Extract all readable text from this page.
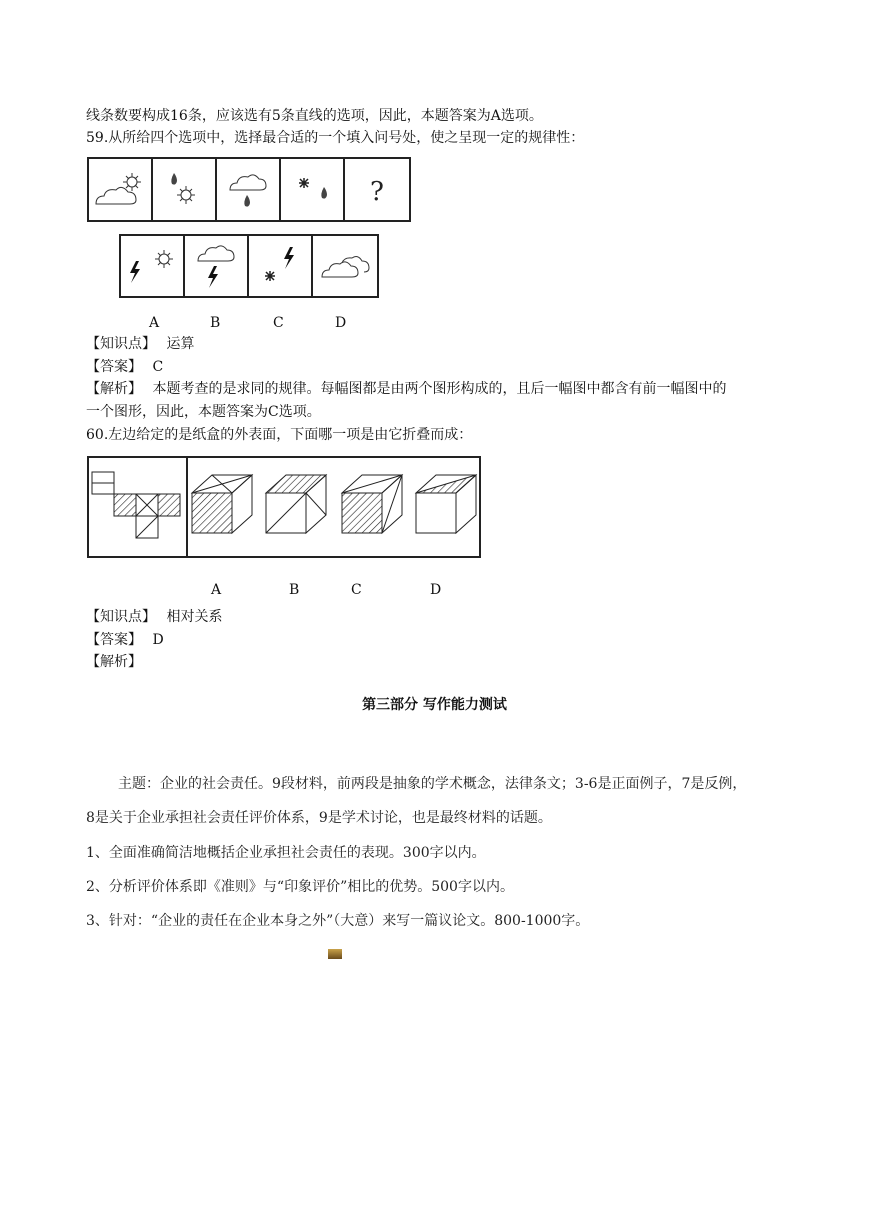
线条数要构成16条，应该选有5条直线的选项，因此，本题答案为A选项。
59.从所给四个选项中，选择最合适的一个填入问号处，使之呈现一定的规律性：
?
A	B	C	D
【知识点】 运算
【答案】 C
【解析】 本题考查的是求同的规律。每幅图都是由两个图形构成的，且后一幅图中都含有前一幅图中的
一个图形，因此，本题答案为C选项。
60.左边给定的是纸盒的外表面，下面哪一项是由它折叠而成：
A	B	C	D
【知识点】 相对关系
【答案】 D
【解析】
第三部分 写作能力测试
主题：企业的社会责任。9段材料，前两段是抽象的学术概念，法律条文；3-6是正面例子，7是反例，
8是关于企业承担社会责任评价体系，9是学术讨论，也是最终材料的话题。
1、全面准确简洁地概括企业承担社会责任的表现。300字以内。
2、分析评价体系即《准则》与“印象评价”相比的优势。500字以内。
3、针对：“企业的责任在企业本身之外”（大意）来写一篇议论文。800-1000字。
